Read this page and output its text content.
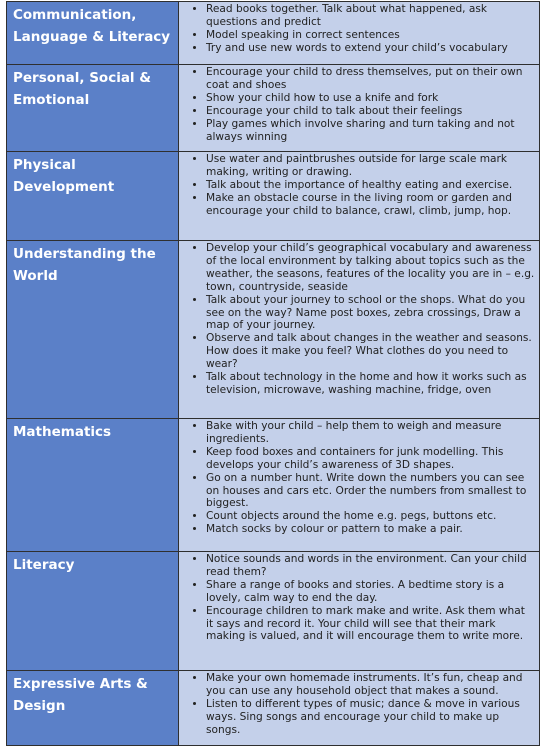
Communication, Language & Literacy
• Read books together. Talk about what happened, ask questions and predict
• Model speaking in correct sentences
• Try and use new words to extend your child’s vocabulary
Personal, Social & Emotional
• Encourage your child to dress themselves, put on their own coat and shoes
• Show your child how to use a knife and fork
• Encourage your child to talk about their feelings
• Play games which involve sharing and turn taking and not always winning
Physical Development
• Use water and paintbrushes outside for large scale mark making, writing or drawing.
• Talk about the importance of healthy eating and exercise.
• Make an obstacle course in the living room or garden and encourage your child to balance, crawl, climb, jump, hop.
Understanding the World
• Develop your child’s geographical vocabulary and awareness of the local environment by talking about topics such as the weather, the seasons, features of the locality you are in – e.g. town, countryside, seaside
• Talk about your journey to school or the shops. What do you see on the way? Name post boxes, zebra crossings, Draw a map of your journey.
• Observe and talk about changes in the weather and seasons. How does it make you feel? What clothes do you need to wear?
• Talk about technology in the home and how it works such as television, microwave, washing machine, fridge, oven
Mathematics	• Bake with your child – help them to weigh and measure ingredients.
• Keep food boxes and containers for junk modelling. This develops your child’s awareness of 3D shapes.
• Go on a number hunt. Write down the numbers you can see on houses and cars etc. Order the numbers from smallest to biggest.
• Count objects around the home e.g. pegs, buttons etc.
• Match socks by colour or pattern to make a pair.
Literacy	• Notice sounds and words in the environment. Can your child read them?
• Share a range of books and stories. A bedtime story is a lovely, calm way to end the day.
• Encourage children to mark make and write. Ask them what it says and record it. Your child will see that their mark making is valued, and it will encourage them to write more.
Expressive Arts & Design
• Make your own homemade instruments. It’s fun, cheap and you can use any household object that makes a sound.
• Listen to different types of music; dance & move in various ways. Sing songs and encourage your child to make up songs.
